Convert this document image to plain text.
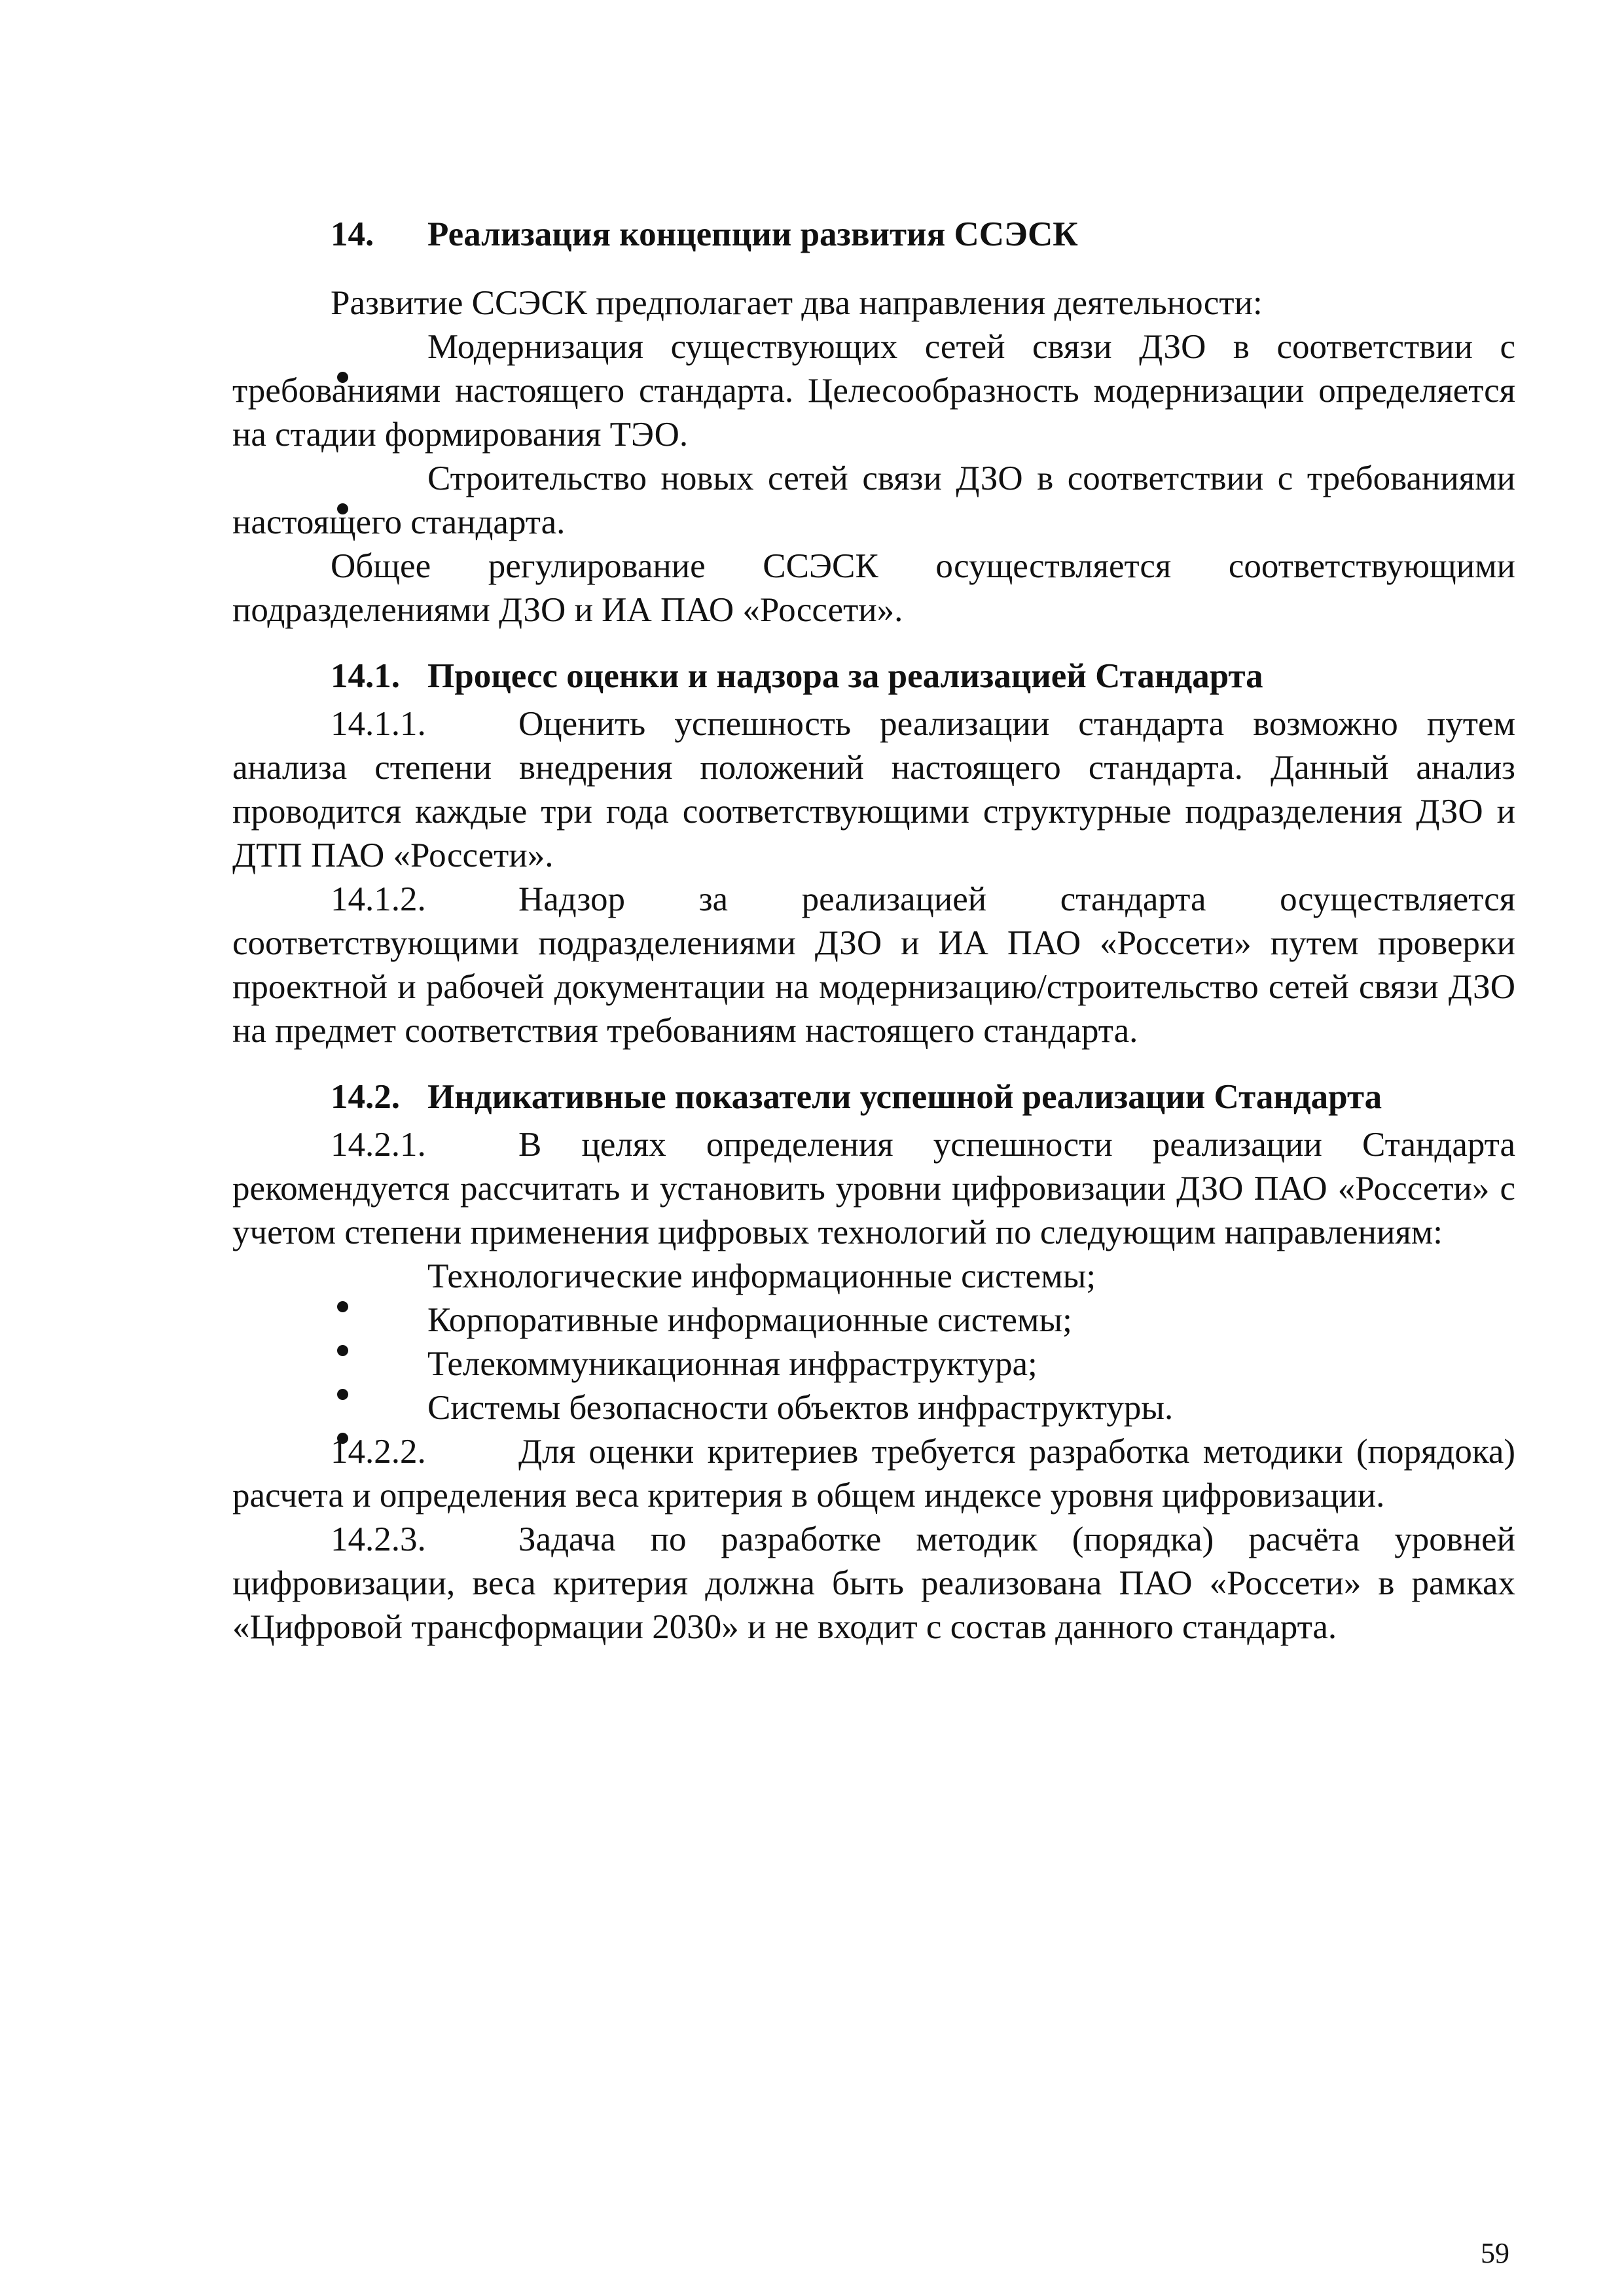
14. Реализация концепции развития ССЭСК
Развитие ССЭСК предполагает два направления деятельности:
Модернизация существующих сетей связи ДЗО в соответствии с требованиями настоящего стандарта. Целесообразность модернизации определяется на стадии формирования ТЭО.
Строительство новых сетей связи ДЗО в соответствии с требованиями настоящего стандарта.
Общее регулирование ССЭСК осуществляется соответствующими подразделениями ДЗО и ИА ПАО «Россети».
14.1. Процесс оценки и надзора за реализацией Стандарта
14.1.1.	Оценить успешность реализации стандарта возможно путем анализа степени внедрения положений настоящего стандарта. Данный анализ проводится каждые три года соответствующими структурные подразделения ДЗО и ДТП ПАО «Россети».
14.1.2.	Надзор за реализацией стандарта осуществляется соответствующими подразделениями ДЗО и ИА ПАО «Россети» путем проверки проектной и рабочей документации на модернизацию/строительство сетей связи ДЗО на предмет соответствия требованиям настоящего стандарта.
14.2. Индикативные показатели успешной реализации Стандарта
14.2.1.	В целях определения успешности реализации Стандарта рекомендуется рассчитать и установить уровни цифровизации ДЗО ПАО «Россети» с учетом степени применения цифровых технологий по следующим направлениям:
Технологические информационные системы;
Корпоративные информационные системы;
Телекоммуникационная инфраструктура;
Системы безопасности объектов инфраструктуры.
14.2.2.	Для оценки критериев требуется разработка методики (порядока) расчета и определения веса критерия в общем индексе уровня цифровизации.
14.2.3.	Задача по разработке методик (порядка) расчёта уровней цифровизации, веса критерия должна быть реализована ПАО «Россети» в рамках «Цифровой трансформации 2030» и не входит с состав данного стандарта.
59
